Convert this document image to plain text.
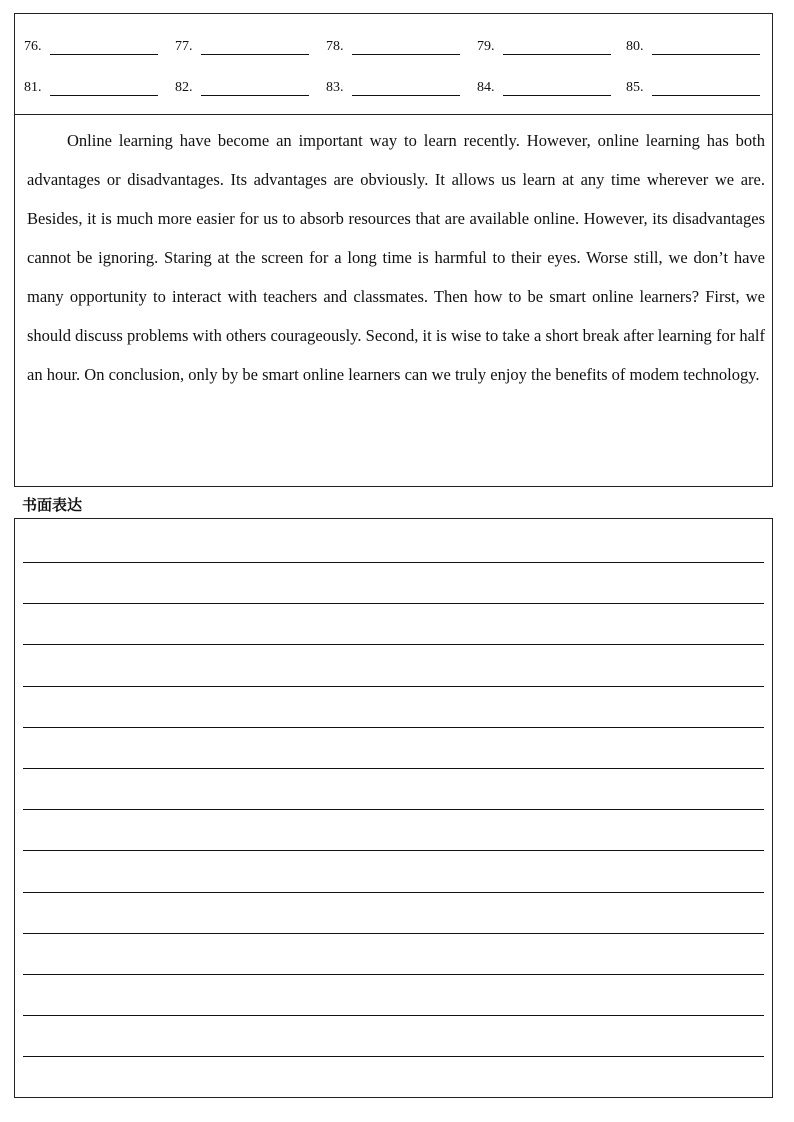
76.	77.	78.	79.	80.
81.	82.	83.	84.	85.

Online learning have become an important way to learn recently. However, online learning has both advantages or disadvantages. Its advantages are obviously. It allows us learn at any time wherever we are. Besides, it is much more easier for us to absorb resources that are available online. However, its disadvantages cannot be ignoring. Staring at the screen for a long time is harmful to their eyes. Worse still, we don’t have many opportunity to interact with teachers and classmates. Then how to be smart online learners? First, we should discuss problems with others courageously. Second, it is wise to take a short break after learning for half an hour. On conclusion, only by be smart online learners can we truly enjoy the benefits of modem technology.

书面表达
